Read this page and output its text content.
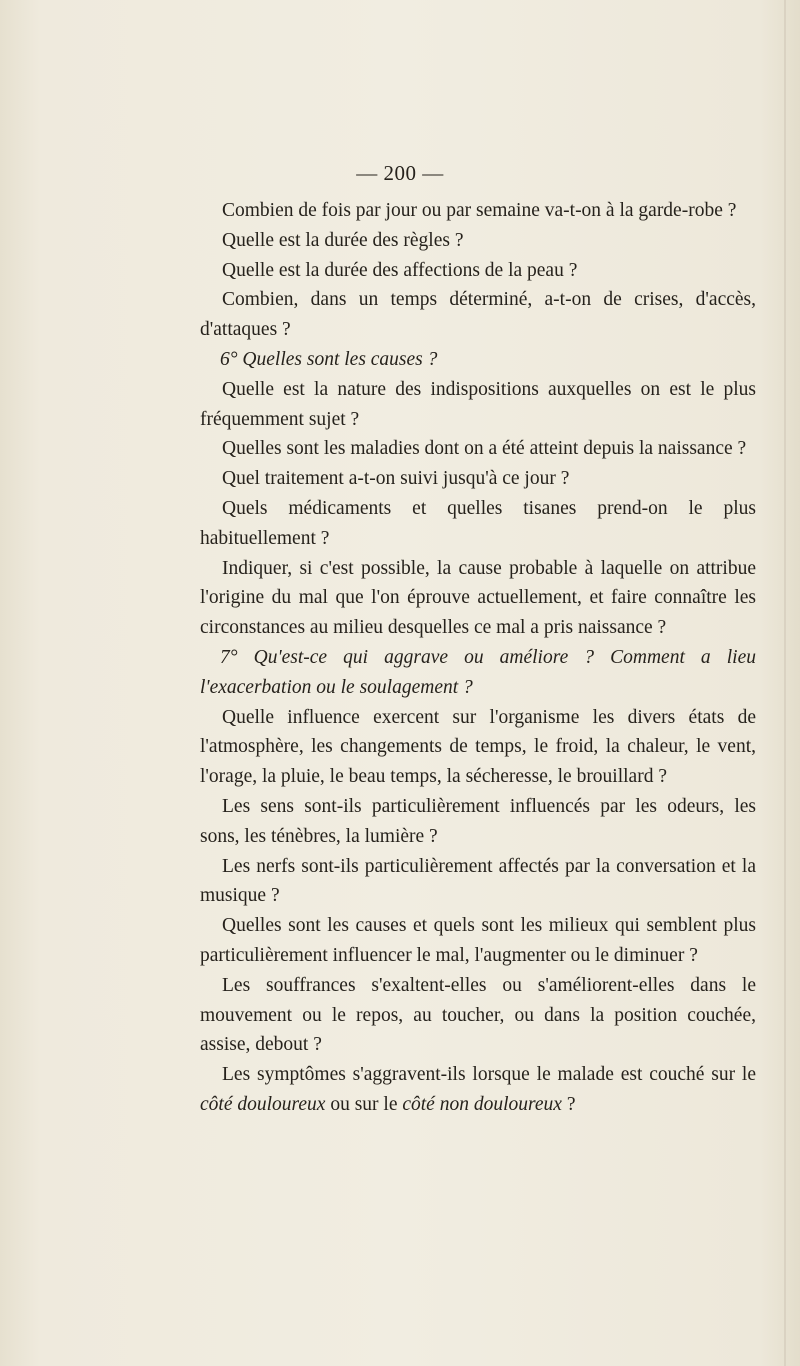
— 200 —

Combien de fois par jour ou par semaine va-t-on à la garde-robe ?

Quelle est la durée des règles ?

Quelle est la durée des affections de la peau ?

Combien, dans un temps déterminé, a-t-on de crises, d'accès, d'attaques ?

6° Quelles sont les causes ?

Quelle est la nature des indispositions auxquelles on est le plus fréquemment sujet ?

Quelles sont les maladies dont on a été atteint depuis la naissance ?

Quel traitement a-t-on suivi jusqu'à ce jour ?

Quels médicaments et quelles tisanes prend-on le plus habituellement ?

Indiquer, si c'est possible, la cause probable à laquelle on attribue l'origine du mal que l'on éprouve actuellement, et faire connaître les circonstances au milieu desquelles ce mal a pris naissance ?

7° Qu'est-ce qui aggrave ou améliore ? Comment a lieu l'exacerbation ou le soulagement ?

Quelle influence exercent sur l'organisme les divers états de l'atmosphère, les changements de temps, le froid, la chaleur, le vent, l'orage, la pluie, le beau temps, la sécheresse, le brouillard ?

Les sens sont-ils particulièrement influencés par les odeurs, les sons, les ténèbres, la lumière ?

Les nerfs sont-ils particulièrement affectés par la conversation et la musique ?

Quelles sont les causes et quels sont les milieux qui semblent plus particulièrement influencer le mal, l'augmenter ou le diminuer ?

Les souffrances s'exaltent-elles ou s'améliorent-elles dans le mouvement ou le repos, au toucher, ou dans la position couchée, assise, debout ?

Les symptômes s'aggravent-ils lorsque le malade est couché sur le côté douloureux ou sur le côté non douloureux ?
